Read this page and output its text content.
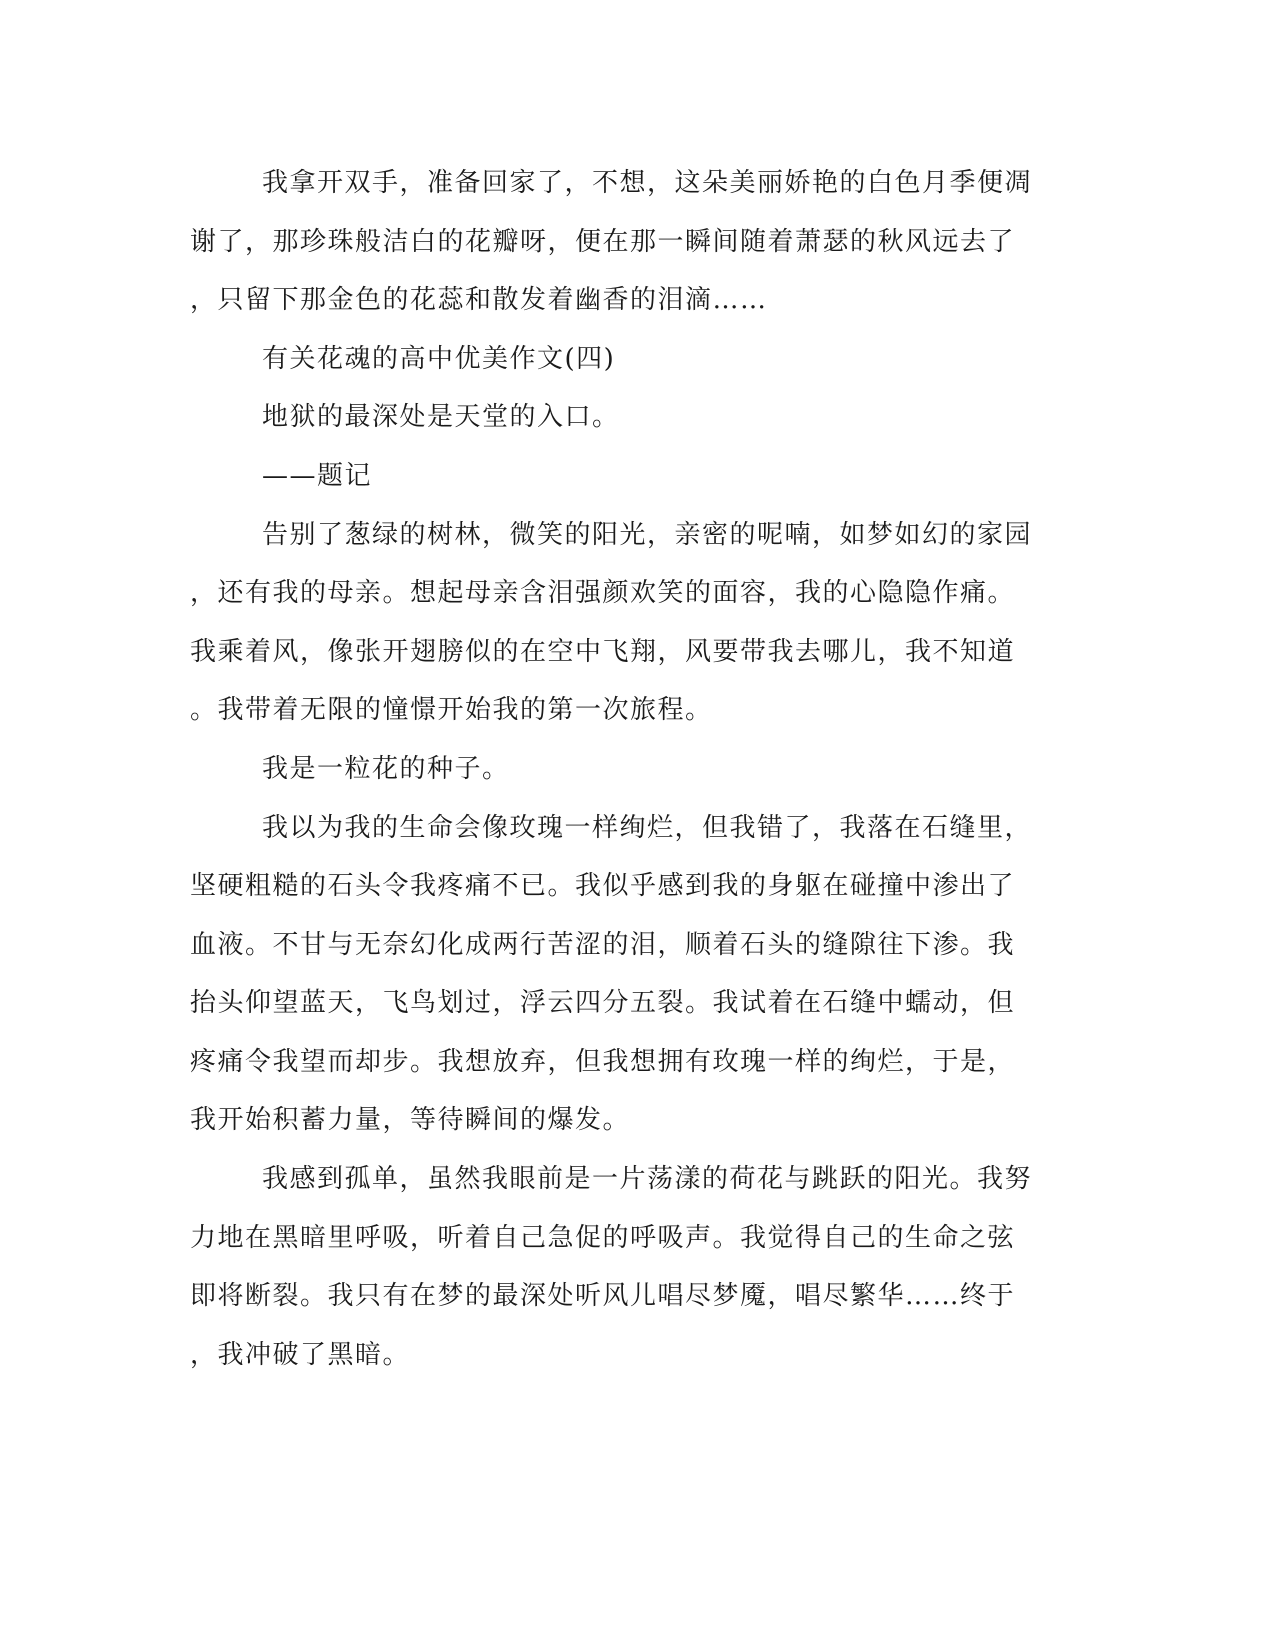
我拿开双手，准备回家了，不想，这朵美丽娇艳的白色月季便凋
谢了，那珍珠般洁白的花瓣呀，便在那一瞬间随着萧瑟的秋风远去了
，只留下那金色的花蕊和散发着幽香的泪滴……
有关花魂的高中优美作文(四)
地狱的最深处是天堂的入口。
——题记
告别了葱绿的树林，微笑的阳光，亲密的呢喃，如梦如幻的家园
，还有我的母亲。想起母亲含泪强颜欢笑的面容，我的心隐隐作痛。
我乘着风，像张开翅膀似的在空中飞翔，风要带我去哪儿，我不知道
。我带着无限的憧憬开始我的第一次旅程。
我是一粒花的种子。
我以为我的生命会像玫瑰一样绚烂，但我错了，我落在石缝里，
坚硬粗糙的石头令我疼痛不已。我似乎感到我的身躯在碰撞中渗出了
血液。不甘与无奈幻化成两行苦涩的泪，顺着石头的缝隙往下渗。我
抬头仰望蓝天，飞鸟划过，浮云四分五裂。我试着在石缝中蠕动，但
疼痛令我望而却步。我想放弃，但我想拥有玫瑰一样的绚烂，于是，
我开始积蓄力量，等待瞬间的爆发。
我感到孤单，虽然我眼前是一片荡漾的荷花与跳跃的阳光。我努
力地在黑暗里呼吸，听着自己急促的呼吸声。我觉得自己的生命之弦
即将断裂。我只有在梦的最深处听风儿唱尽梦魇，唱尽繁华……终于
，我冲破了黑暗。
